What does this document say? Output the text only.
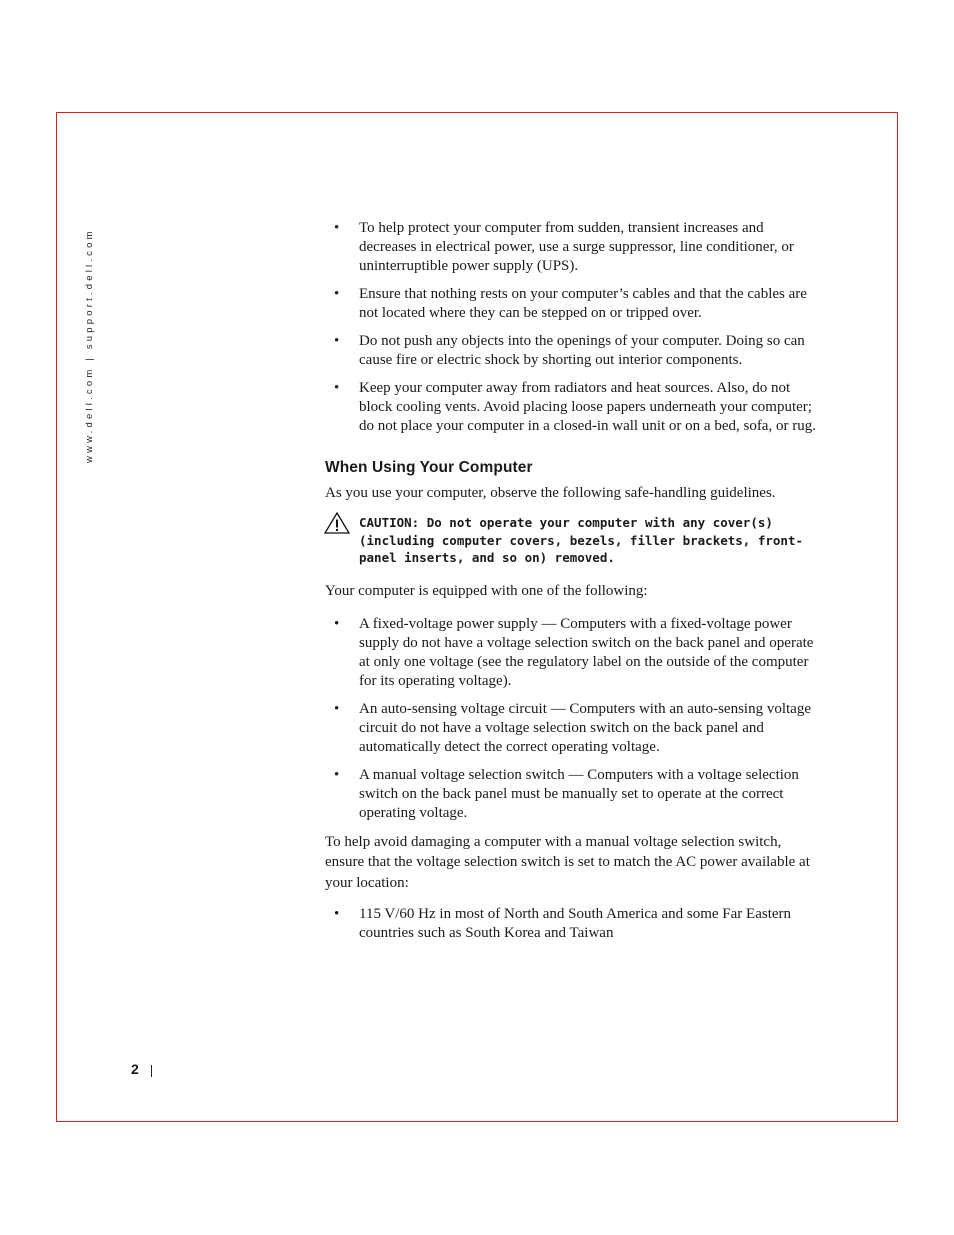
www.dell.com | support.dell.com
• To help protect your computer from sudden, transient increases and decreases in electrical power, use a surge suppressor, line conditioner, or uninterruptible power supply (UPS).
• Ensure that nothing rests on your computer’s cables and that the cables are not located where they can be stepped on or tripped over.
• Do not push any objects into the openings of your computer. Doing so can cause fire or electric shock by shorting out interior components.
• Keep your computer away from radiators and heat sources. Also, do not block cooling vents. Avoid placing loose papers underneath your computer; do not place your computer in a closed-in wall unit or on a bed, sofa, or rug.
When Using Your Computer

As you use your computer, observe the following safe-handling guidelines.

CAUTION: Do not operate your computer with any cover(s) (including computer covers, bezels, filler brackets, front-panel inserts, and so on) removed.

Your computer is equipped with one of the following:

• A fixed-voltage power supply — Computers with a fixed-voltage power supply do not have a voltage selection switch on the back panel and operate at only one voltage (see the regulatory label on the outside of the computer for its operating voltage).
• An auto-sensing voltage circuit — Computers with an auto-sensing voltage circuit do not have a voltage selection switch on the back panel and automatically detect the correct operating voltage.
• A manual voltage selection switch — Computers with a voltage selection switch on the back panel must be manually set to operate at the correct operating voltage.

To help avoid damaging a computer with a manual voltage selection switch, ensure that the voltage selection switch is set to match the AC power available at your location:

• 115 V/60 Hz in most of North and South America and some Far Eastern countries such as South Korea and Taiwan
2
